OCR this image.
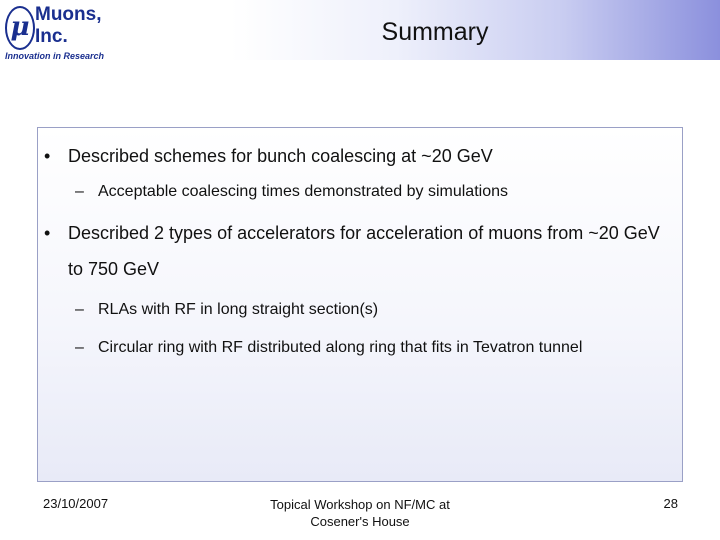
μ Muons,
Inc.
Innovation in Research
Summary
• Described schemes for bunch coalescing at ~20 GeV
– Acceptable coalescing times demonstrated by simulations
• Described 2 types of accelerators for acceleration of muons from ~20 GeV to 750 GeV
– RLAs with RF in long straight section(s)
– Circular ring with RF distributed along ring that fits in Tevatron tunnel
23/10/2007	Topical Workshop on NF/MC at
Cosener's House
28
